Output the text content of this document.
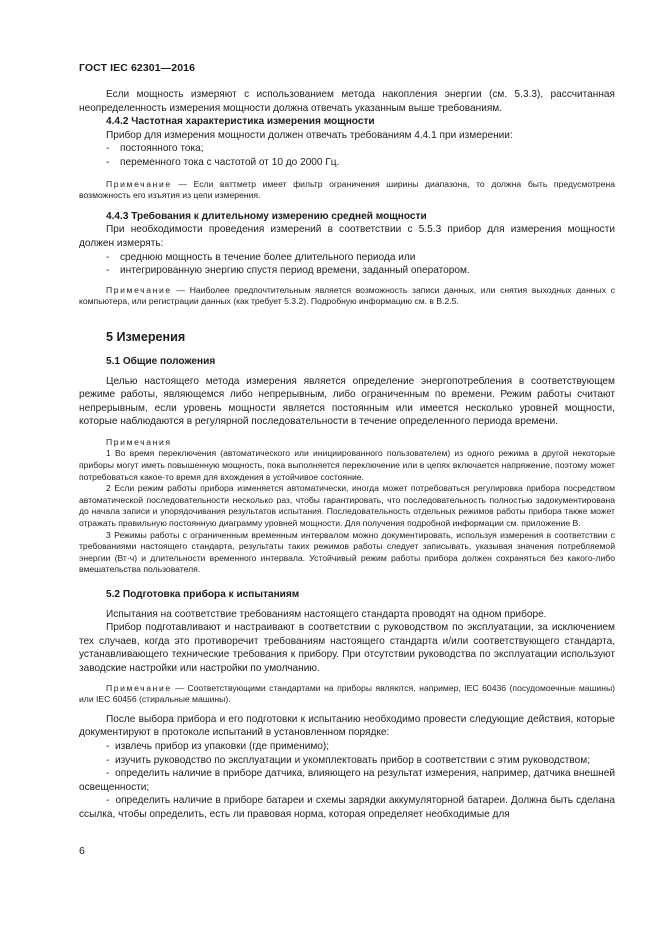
ГОСТ IEC 62301—2016

Если мощность измеряют с использованием метода накопления энергии (см. 5.3.3), рассчитанная неопределенность измерения мощности должна отвечать указанным выше требованиям.

4.4.2 Частотная характеристика измерения мощности

Прибор для измерения мощности должен отвечать требованиям 4.4.1 при измерении:

- постоянного тока;

- переменного тока с частотой от 10 до 2000 Гц.

Примечание — Если ваттметр имеет фильтр ограничения ширины диапазона, то должна быть предусмотрена возможность его изъятия из цепи измерения.

4.4.3 Требования к длительному измерению средней мощности

При необходимости проведения измерений в соответствии с 5.5.3 прибор для измерения мощности должен измерять:

- среднюю мощность в течение более длительного периода или

- интегрированную энергию спустя период времени, заданный оператором.

Примечание — Наиболее предпочтительным является возможность записи данных, или снятия выходных данных с компьютера, или регистрации данных (как требует 5.3.2). Подробную информацию см. в В.2.5.

5 Измерения

5.1 Общие положения

Целью настоящего метода измерения является определение энергопотребления в соответствующем режиме работы, являющемся либо непрерывным, либо ограниченным по времени. Режим работы считают непрерывным, если уровень мощности является постоянным или имеется несколько уровней мощности, которые наблюдаются в регулярной последовательности в течение определенного периода времени.

Примечания

1 Во время переключения (автоматического или инициированного пользователем) из одного режима в другой некоторые приборы могут иметь повышенную мощность, пока выполняется переключение или в цепях включается напряжение, поэтому может потребоваться какое-то время для вхождения в устойчивое состояние.

2 Если режим работы прибора изменяется автоматически, иногда может потребоваться регулировка прибора посредством автоматической последовательности несколько раз, чтобы гарантировать, что последовательность полностью задокументирована до начала записи и упорядочивания результатов испытания. Последовательность отдельных режимов работы прибора также может отражать правильную постоянную диаграмму уровней мощности. Для получения подробной информации см. приложение В.

3 Режимы работы с ограниченным временным интервалом можно документировать, используя измерения в соответствии с требованиями настоящего стандарта, результаты таких режимов работы следует записывать, указывая значения потребляемой энергии (Вт·ч) и длительности временного интервала. Устойчивый режим работы прибора должен сохраняться без какого-либо вмешательства пользователя.

5.2 Подготовка прибора к испытаниям

Испытания на соответствие требованиям настоящего стандарта проводят на одном приборе.

Прибор подготавливают и настраивают в соответствии с руководством по эксплуатации, за исключением тех случаев, когда это противоречит требованиям настоящего стандарта и/или соответствующего стандарта, устанавливающего технические требования к прибору. При отсутствии руководства по эксплуатации используют заводские настройки или настройки по умолчанию.

Примечание — Соответствующими стандартами на приборы являются, например, IEC 60436 (посудомоечные машины) или IEC 60456 (стиральные машины).

После выбора прибора и его подготовки к испытанию необходимо провести следующие действия, которые документируют в протоколе испытаний в установленном порядке:

- извлечь прибор из упаковки (где применимо);

- изучить руководство по эксплуатации и укомплектовать прибор в соответствии с этим руководством;

- определить наличие в приборе датчика, влияющего на результат измерения, например, датчика внешней освещенности;

- определить наличие в приборе батареи и схемы зарядки аккумуляторной батареи. Должна быть сделана ссылка, чтобы определить, есть ли правовая норма, которая определяет необходимые для

6
